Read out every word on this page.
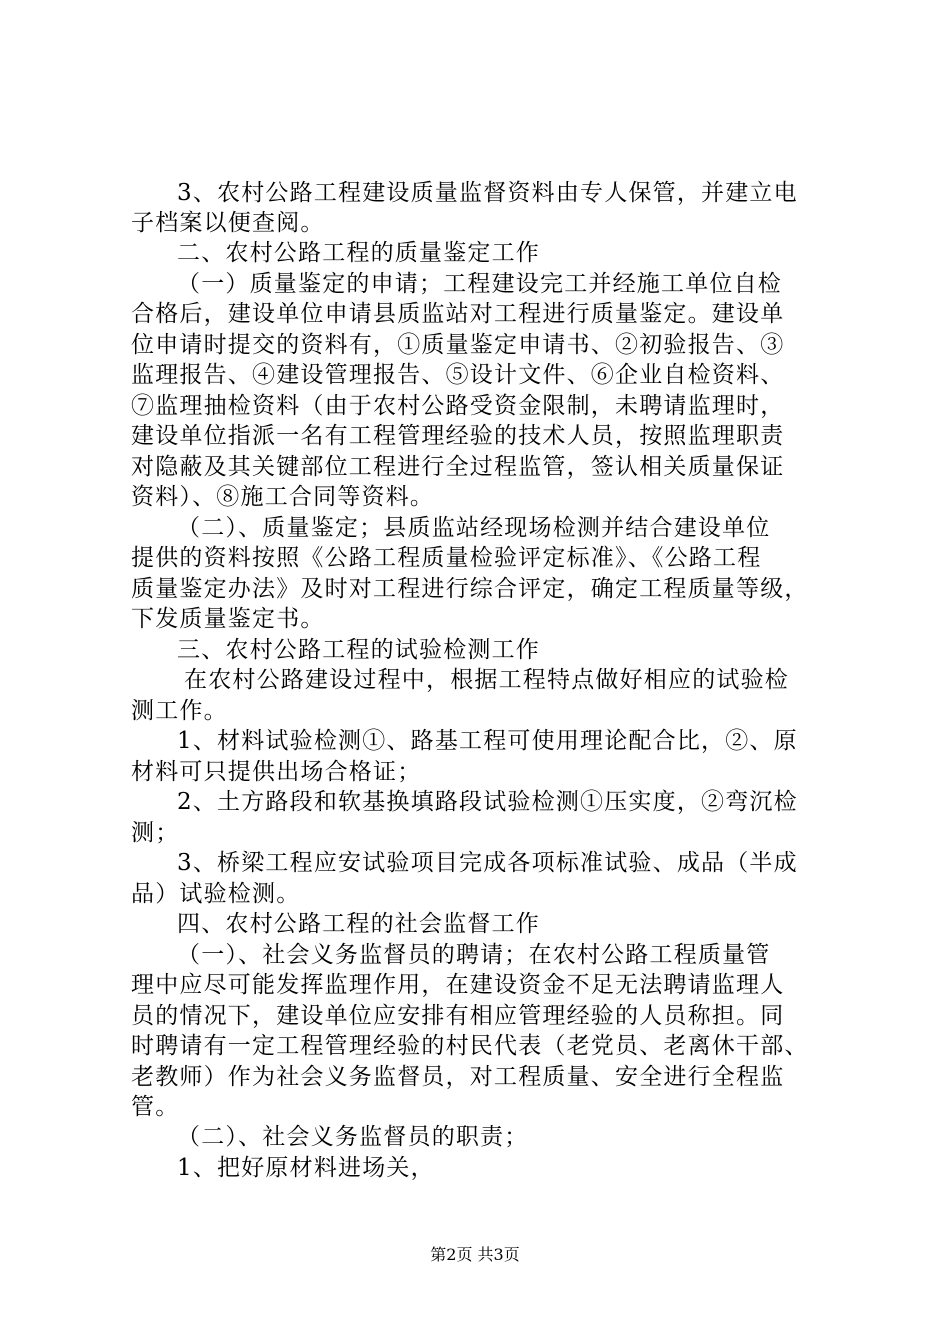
3、农村公路工程建设质量监督资料由专人保管，并建立电
子档案以便查阅。
二、农村公路工程的质量鉴定工作
（一）质量鉴定的申请；工程建设完工并经施工单位自检
合格后，建设单位申请县质监站对工程进行质量鉴定。建设单
位申请时提交的资料有，①质量鉴定申请书、②初验报告、③
监理报告、④建设管理报告、⑤设计文件、⑥企业自检资料、
⑦监理抽检资料（由于农村公路受资金限制，未聘请监理时，
建设单位指派一名有工程管理经验的技术人员，按照监理职责
对隐蔽及其关键部位工程进行全过程监管，签认相关质量保证
资料）、⑧施工合同等资料。
（二）、质量鉴定；县质监站经现场检测并结合建设单位
提供的资料按照《公路工程质量检验评定标准》、《公路工程
质量鉴定办法》及时对工程进行综合评定，确定工程质量等级，
下发质量鉴定书。
三、农村公路工程的试验检测工作
在农村公路建设过程中，根据工程特点做好相应的试验检
测工作。
1、材料试验检测①、路基工程可使用理论配合比，②、原
材料可只提供出场合格证；
2、土方路段和软基换填路段试验检测①压实度，②弯沉检
测；
3、桥梁工程应安试验项目完成各项标准试验、成品（半成
品）试验检测。
四、农村公路工程的社会监督工作
（一）、社会义务监督员的聘请；在农村公路工程质量管
理中应尽可能发挥监理作用，在建设资金不足无法聘请监理人
员的情况下，建设单位应安排有相应管理经验的人员称担。同
时聘请有一定工程管理经验的村民代表（老党员、老离休干部、
老教师）作为社会义务监督员，对工程质量、安全进行全程监
管。
（二）、社会义务监督员的职责；
1、把好原材料进场关，
第2页 共3页
